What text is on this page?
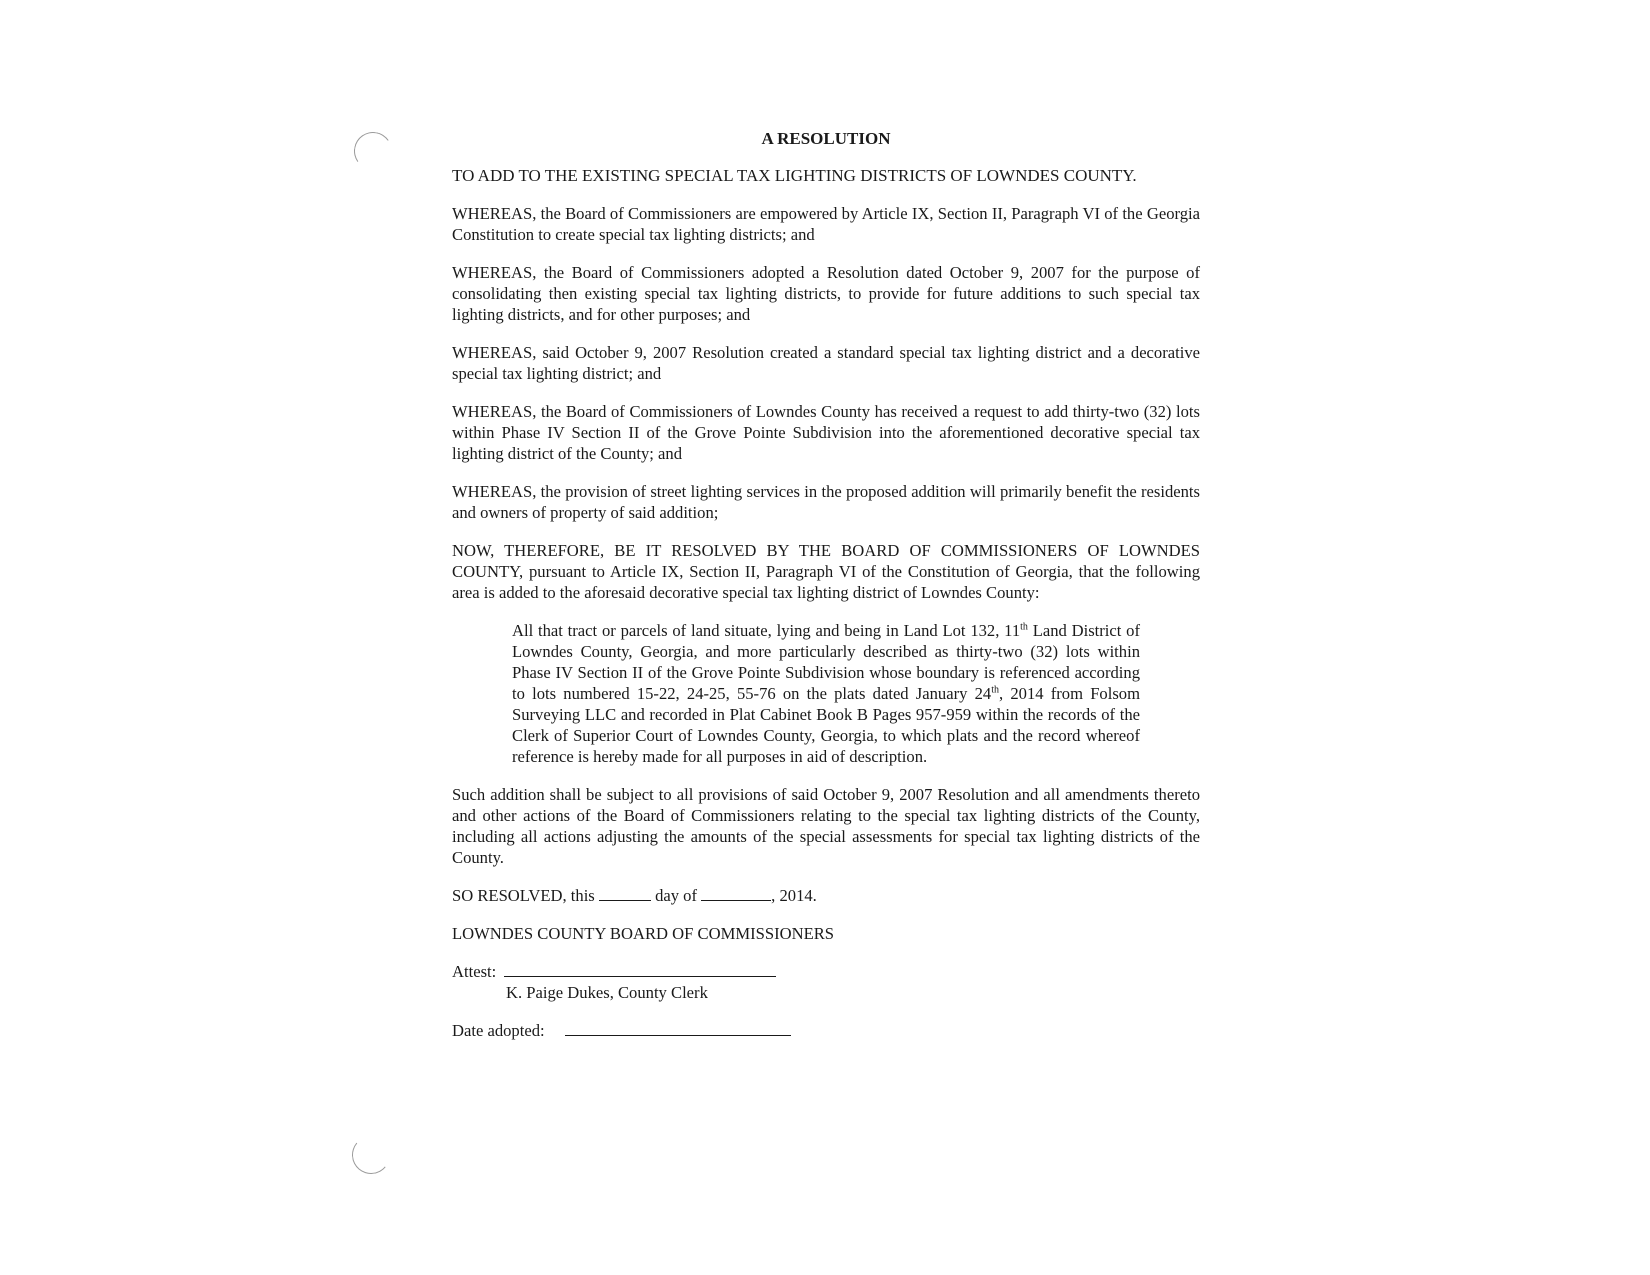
A RESOLUTION
TO ADD TO THE EXISTING SPECIAL TAX LIGHTING DISTRICTS OF LOWNDES COUNTY.
WHEREAS, the Board of Commissioners are empowered by Article IX, Section II, Paragraph VI of the Georgia Constitution to create special tax lighting districts; and
WHEREAS, the Board of Commissioners adopted a Resolution dated October 9, 2007 for the purpose of consolidating then existing special tax lighting districts, to provide for future additions to such special tax lighting districts, and for other purposes; and
WHEREAS, said October 9, 2007 Resolution created a standard special tax lighting district and a decorative special tax lighting district; and
WHEREAS, the Board of Commissioners of Lowndes County has received a request to add thirty-two (32) lots within Phase IV Section II of the Grove Pointe Subdivision into the aforementioned decorative special tax lighting district of the County; and
WHEREAS, the provision of street lighting services in the proposed addition will primarily benefit the residents and owners of property of said addition;
NOW, THEREFORE, BE IT RESOLVED BY THE BOARD OF COMMISSIONERS OF LOWNDES COUNTY, pursuant to Article IX, Section II, Paragraph VI of the Constitution of Georgia, that the following area is added to the aforesaid decorative special tax lighting district of Lowndes County:
All that tract or parcels of land situate, lying and being in Land Lot 132, 11th Land District of Lowndes County, Georgia, and more particularly described as thirty-two (32) lots within Phase IV Section II of the Grove Pointe Subdivision whose boundary is referenced according to lots numbered 15-22, 24-25, 55-76 on the plats dated January 24th, 2014 from Folsom Surveying LLC and recorded in Plat Cabinet Book B Pages 957-959 within the records of the Clerk of Superior Court of Lowndes County, Georgia, to which plats and the record whereof reference is hereby made for all purposes in aid of description.
Such addition shall be subject to all provisions of said October 9, 2007 Resolution and all amendments thereto and other actions of the Board of Commissioners relating to the special tax lighting districts of the County, including all actions adjusting the amounts of the special assessments for special tax lighting districts of the County.
SO RESOLVED, this	day of	, 2014.
LOWNDES COUNTY BOARD OF COMMISSIONERS
Attest:
K. Paige Dukes, County Clerk
Date adopted:
